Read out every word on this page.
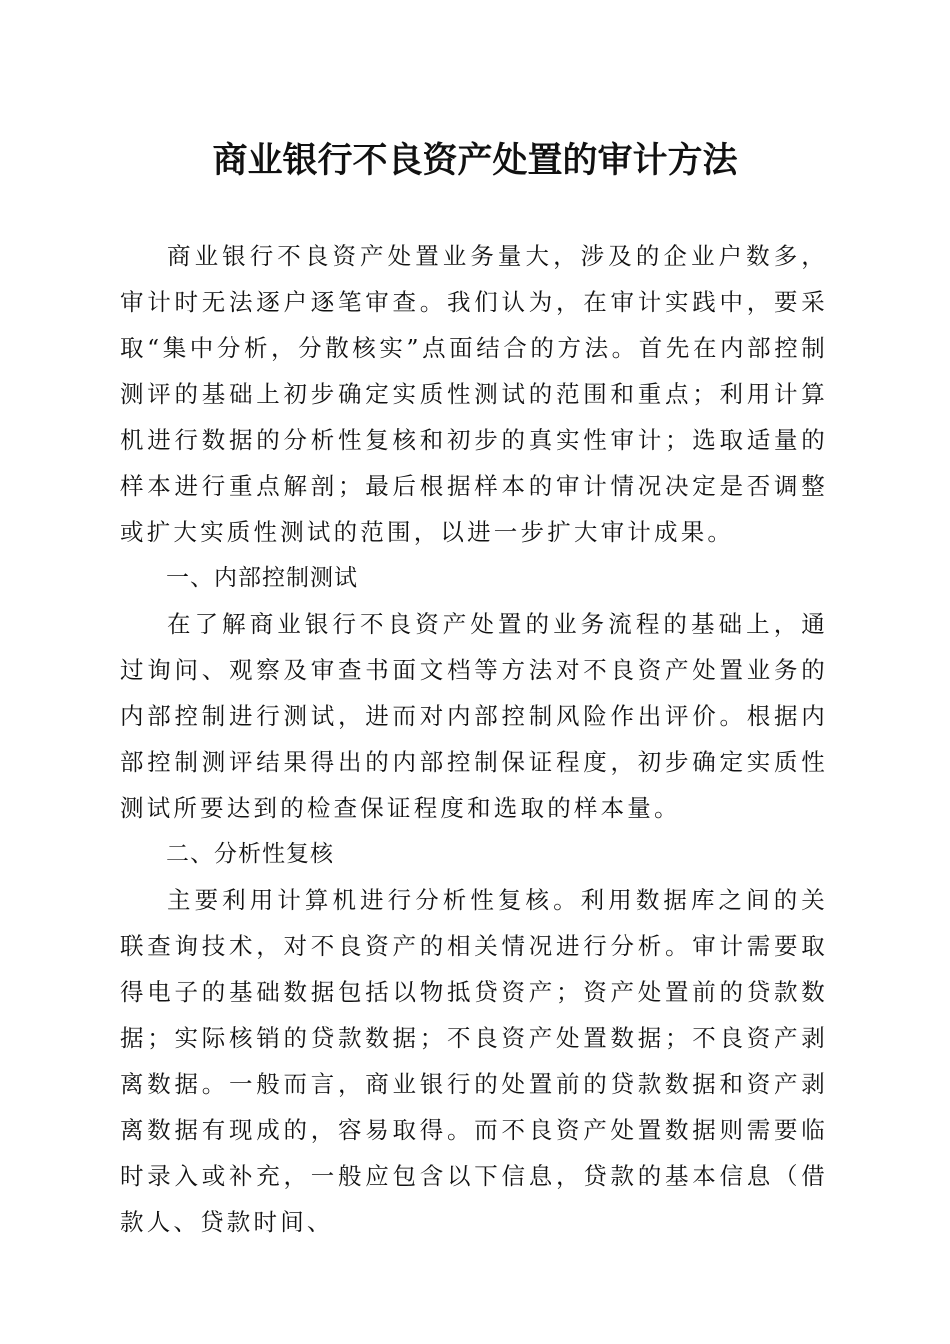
商业银行不良资产处置的审计方法

商业银行不良资产处置业务量大，涉及的企业户数多，审计时无法逐户逐笔审查。我们认为，在审计实践中，要采取“集中分析，分散核实”点面结合的方法。首先在内部控制测评的基础上初步确定实质性测试的范围和重点；利用计算机进行数据的分析性复核和初步的真实性审计；选取适量的样本进行重点解剖；最后根据样本的审计情况决定是否调整或扩大实质性测试的范围，以进一步扩大审计成果。

一、内部控制测试

在了解商业银行不良资产处置的业务流程的基础上，通过询问、观察及审查书面文档等方法对不良资产处置业务的内部控制进行测试，进而对内部控制风险作出评价。根据内部控制测评结果得出的内部控制保证程度，初步确定实质性测试所要达到的检查保证程度和选取的样本量。

二、分析性复核

主要利用计算机进行分析性复核。利用数据库之间的关联查询技术，对不良资产的相关情况进行分析。审计需要取得电子的基础数据包括以物抵贷资产；资产处置前的贷款数据；实际核销的贷款数据；不良资产处置数据；不良资产剥离数据。一般而言，商业银行的处置前的贷款数据和资产剥离数据有现成的，容易取得。而不良资产处置数据则需要临时录入或补充，一般应包含以下信息，贷款的基本信息（借款人、贷款时间、
